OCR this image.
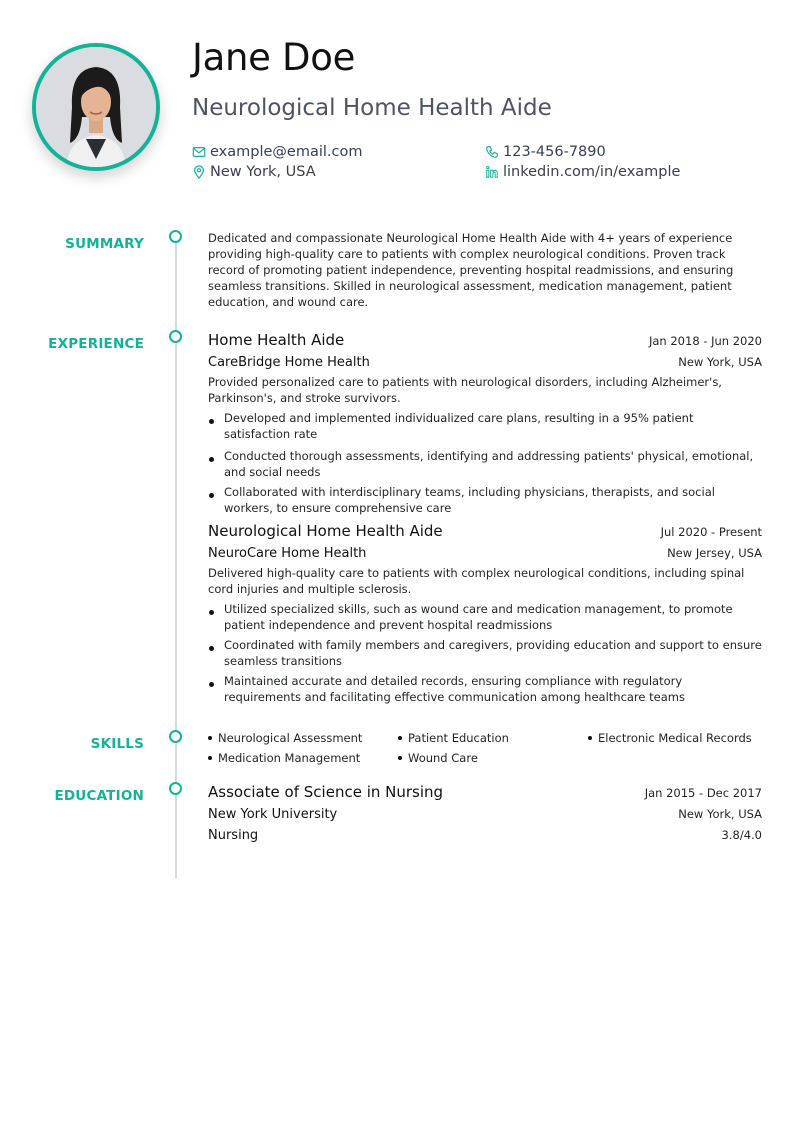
Jane Doe
Neurological Home Health Aide
example@email.com	123-456-7890
New York, USA	linkedin.com/in/example
SUMMARY	Dedicated and compassionate Neurological Home Health Aide with 4+ years of experience providing high-quality care to patients with complex neurological conditions. Proven track record of promoting patient independence, preventing hospital readmissions, and ensuring seamless transitions. Skilled in neurological assessment, medication management, patient education, and wound care.

EXPERIENCE	Home Health Aide	Jan 2018 - Jun 2020
CareBridge Home Health	New York, USA

Provided personalized care to patients with neurological disorders, including Alzheimer's, Parkinson's, and stroke survivors.

Developed and implemented individualized care plans, resulting in a 95% patient satisfaction rate
Conducted thorough assessments, identifying and addressing patients' physical, emotional, and social needs
Collaborated with interdisciplinary teams, including physicians, therapists, and social workers, to ensure comprehensive care
Neurological Home Health Aide	Jul 2020 - Present
NeuroCare Home Health	New Jersey, USA

Delivered high-quality care to patients with complex neurological conditions, including spinal cord injuries and multiple sclerosis.

Utilized specialized skills, such as wound care and medication management, to promote patient independence and prevent hospital readmissions
Coordinated with family members and caregivers, providing education and support to ensure seamless transitions
Maintained accurate and detailed records, ensuring compliance with regulatory requirements and facilitating effective communication among healthcare teams
SKILLS	Neurological Assessment	Patient Education	Electronic Medical Records
Medication Management	Wound Care
EDUCATION	Associate of Science in Nursing	Jan 2015 - Dec 2017
New York University	New York, USA
Nursing	3.8/4.0
